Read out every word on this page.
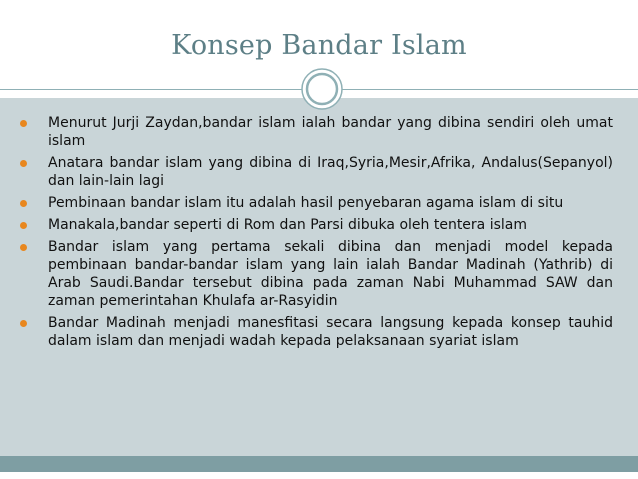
Konsep Bandar Islam
Menurut Jurji Zaydan,bandar islam ialah bandar yang dibina sendiri oleh umat islam
Anatara bandar islam yang dibina di Iraq,Syria,Mesir,Afrika, Andalus(Sepanyol) dan lain-lain lagi
Pembinaan bandar islam itu adalah hasil penyebaran agama islam di situ
Manakala,bandar seperti di Rom dan Parsi dibuka oleh tentera islam
Bandar islam yang pertama sekali dibina dan menjadi model kepada pembinaan bandar-bandar islam yang lain ialah Bandar Madinah (Yathrib) di Arab Saudi.Bandar tersebut dibina pada zaman Nabi Muhammad SAW dan zaman pemerintahan Khulafa ar-Rasyidin
Bandar Madinah menjadi manesfitasi secara langsung kepada konsep tauhid dalam islam dan menjadi wadah kepada pelaksanaan syariat islam
